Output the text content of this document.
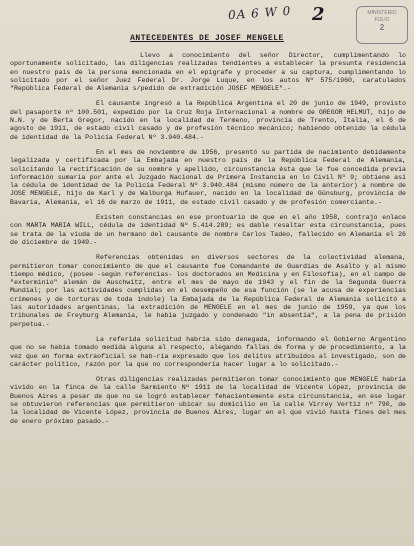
0A 6 W 0 2	MINISTERIO
FOLIO
2
ANTECEDENTES DE JOSEF MENGELE

Llevo a conocimiento del señor Director, cumplimentando lo oportunamente solicitado, las diligencias realizadas tendientes a establecer la presunta residencia en nuestro país de la persona mencionada en el epígrafe y proceder a su captura, cumplimentando lo solicitado por el señor Juez Federal Dr. Jorge Luque, en los autos Nº 575/1960, caratulados "República Federal de Alemania s/pedido de extradición JOSEF MENGELE".-

El causante ingresó a la República Argentina el 20 de junio de 1949, provisto del pasaporte nº 100.501, expedido por la Cruz Roja Internacional a nombre de GREGOR HELMUT, hijo de N.N. y de Berta Gregor, nacido en la localidad de Termeno, provincia de Trento, Italia, el 6 de agosto de 1911, de estado civil casado y de profesión técnico mecánico; habiendo obtenido la cédula de identidad de la Policía Federal Nº 3.940.484.-

En el mes de noviembre de 1956, presentó su partida de nacimiento debidamente legalizada y certificada por la Embajada en nuestro país de la República Federal de Alemania, solicitando la rectificación de su nombre y apellido, circunstancia ésta que le fue concedida previa información sumaria por ante el Juzgado Nacional de Primera Instancia en lo Civil Nº 9; obtiene así la cédula de identidad de la Policía Federal Nº 3.940.484 (mismo número de la anterior) a nombre de JOSE MENGELE, hijo de Karl y de Walburga Hufauer, nacido en la localidad de Günsburg, provincia de Bavaria, Alemania, el 16 de marzo de 1911, de estado civil casado y de profesión comerciante.-

Existen constancias en ese prontuario de que en el año 1958, contrajo enlace con MARTA MARIA WILL, cédula de identidad Nº 5.414.289; es dable resaltar esta circunstancia, pues se trata de la viuda de un hermano del causante de nombre Carlos Tadeo, fallecido en Alemania el 26 de diciembre de 1949.-

Referencias obtenidas en diversos sectores de la colectividad alemana, permitieron tomar conocimiento de que el causante fue Comandante de Guardias de Asalto y al mismo tiempo médico, (posee -según referencias- los doctorados en Medicina y en Filosofía), en el campo de "exterminio" alemán de Auschwitz, entre el mes de mayo de 1943 y el fin de la Segunda Guerra Mundial; por las actividades cumplidas en el desempeño de esa función (se le acusa de experiencias crímenes y de torturas de toda índole) la Embajada de la República Federal de Alemania solicitó a las autoridades argentinas, la extradición de MENGELE en el mes de junio de 1959, ya que los tribunales de Freyburg Alemania, le había juzgado y condenado "in absentia", a la pena de prisión perpetua.-

La referida solicitud habría sido denegada, informando el Gobierno Argentino que no se había tomado medida alguna al respecto, alegando fallas de forma y de procedimiento, a la vez que en forma extraoficial se hab-ría expresado que los delitos atribuídos al investigado, son de carácter político, razón por la que no correspondería hacer lugar a lo solicitado.-

Otras diligencias realizadas permitieron tomar conocimiento que MENGELE habría vivido en la finca de la calle Sarmiento Nº 1911 de la localidad de Vicente López, provincia de Buenos Aires a pesar de que no se logró establecer fehacientemente esta circunstancia, en ese lugar se obtuvieron referencias que permitieron ubicar su domicilio en la calle Virrey Vertiz nº 790, de la localidad de Vicente López, provincia de Buenos Aires, lugar en el que vivió hasta fines del mes de enero próximo pasado.-
